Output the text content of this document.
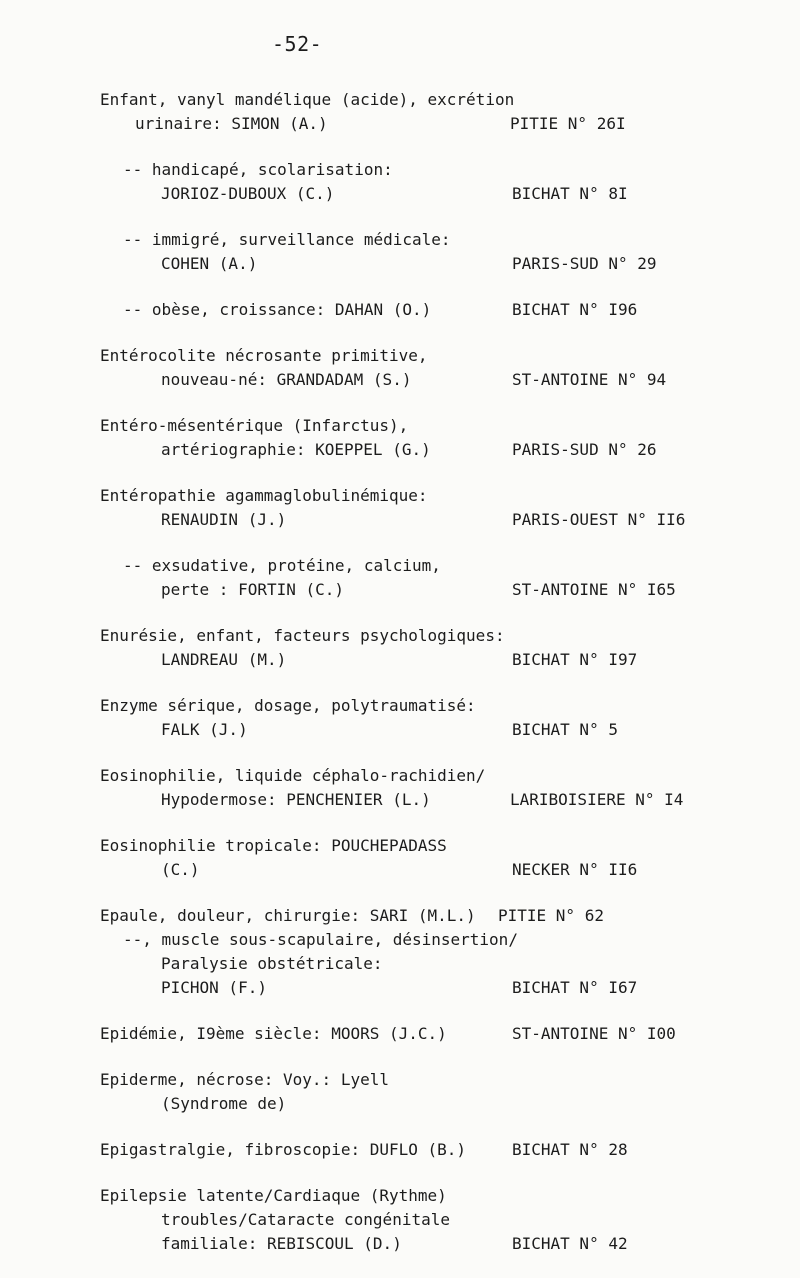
-52-
Enfant, vanyl mandélique (acide), excrétion
urinaire: SIMON (A.)	PITIE N° 26I
-- handicapé, scolarisation:
JORIOZ-DUBOUX (C.)	BICHAT N° 8I
-- immigré, surveillance médicale:
COHEN (A.)	PARIS-SUD N° 29
-- obèse, croissance: DAHAN (O.)	BICHAT N° I96
Entérocolite nécrosante primitive,
nouveau-né: GRANDADAM (S.)	ST-ANTOINE N° 94
Entéro-mésentérique (Infarctus),
artériographie: KOEPPEL (G.)	PARIS-SUD N° 26
Entéropathie agammaglobulinémique:
RENAUDIN (J.)	PARIS-OUEST N° II6
-- exsudative, protéine, calcium,
perte : FORTIN (C.)	ST-ANTOINE N° I65
Enurésie, enfant, facteurs psychologiques:
LANDREAU (M.)	BICHAT N° I97
Enzyme sérique, dosage, polytraumatisé:
FALK (J.)	BICHAT N° 5
Eosinophilie, liquide céphalo-rachidien/
Hypodermose: PENCHENIER (L.)	LARIBOISIERE N° I4
Eosinophilie tropicale: POUCHEPADASS
(C.)	NECKER N° II6
Epaule, douleur, chirurgie: SARI (M.L.) PITIE N° 62
--, muscle sous-scapulaire, désinsertion/
Paralysie obstétricale:
PICHON (F.)	BICHAT N° I67
Epidémie, I9ème siècle: MOORS (J.C.)	ST-ANTOINE N° I00
Epiderme, nécrose: Voy.: Lyell
(Syndrome de)
Epigastralgie, fibroscopie: DUFLO (B.)	BICHAT N° 28
Epilepsie latente/Cardiaque (Rythme)
troubles/Cataracte congénitale
familiale: REBISCOUL (D.)	BICHAT N° 42
